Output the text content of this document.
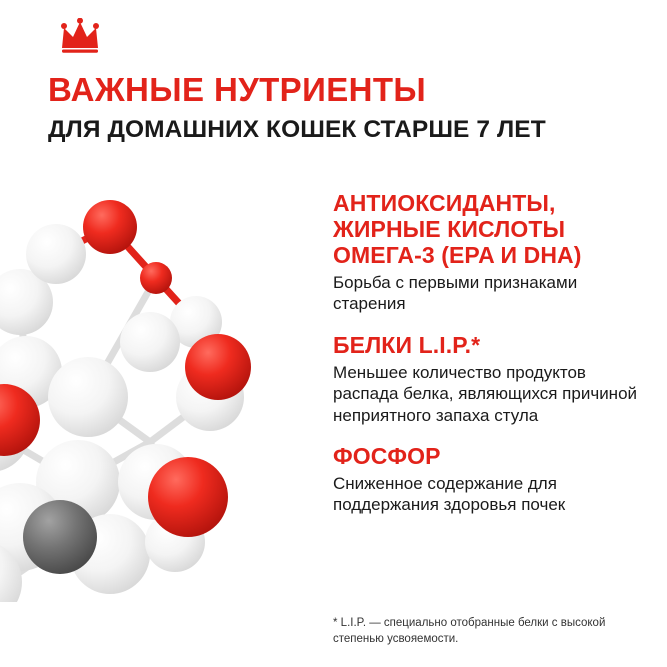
ВАЖНЫЕ НУТРИЕНТЫ
ДЛЯ ДОМАШНИХ КОШЕК СТАРШЕ 7 ЛЕТ

АНТИОКСИДАНТЫ, ЖИРНЫЕ КИСЛОТЫ ОМЕГА-3 (EPA И DHA)

Борьба с первыми признаками старения

БЕЛКИ L.I.P.*

Меньшее количество продуктов распада белка, являющихся причиной неприятного запаха стула

ФОСФОР

Сниженное содержание для поддержания здоровья почек

* L.I.P. — специально отобранные белки с высокой степенью усвояемости.
